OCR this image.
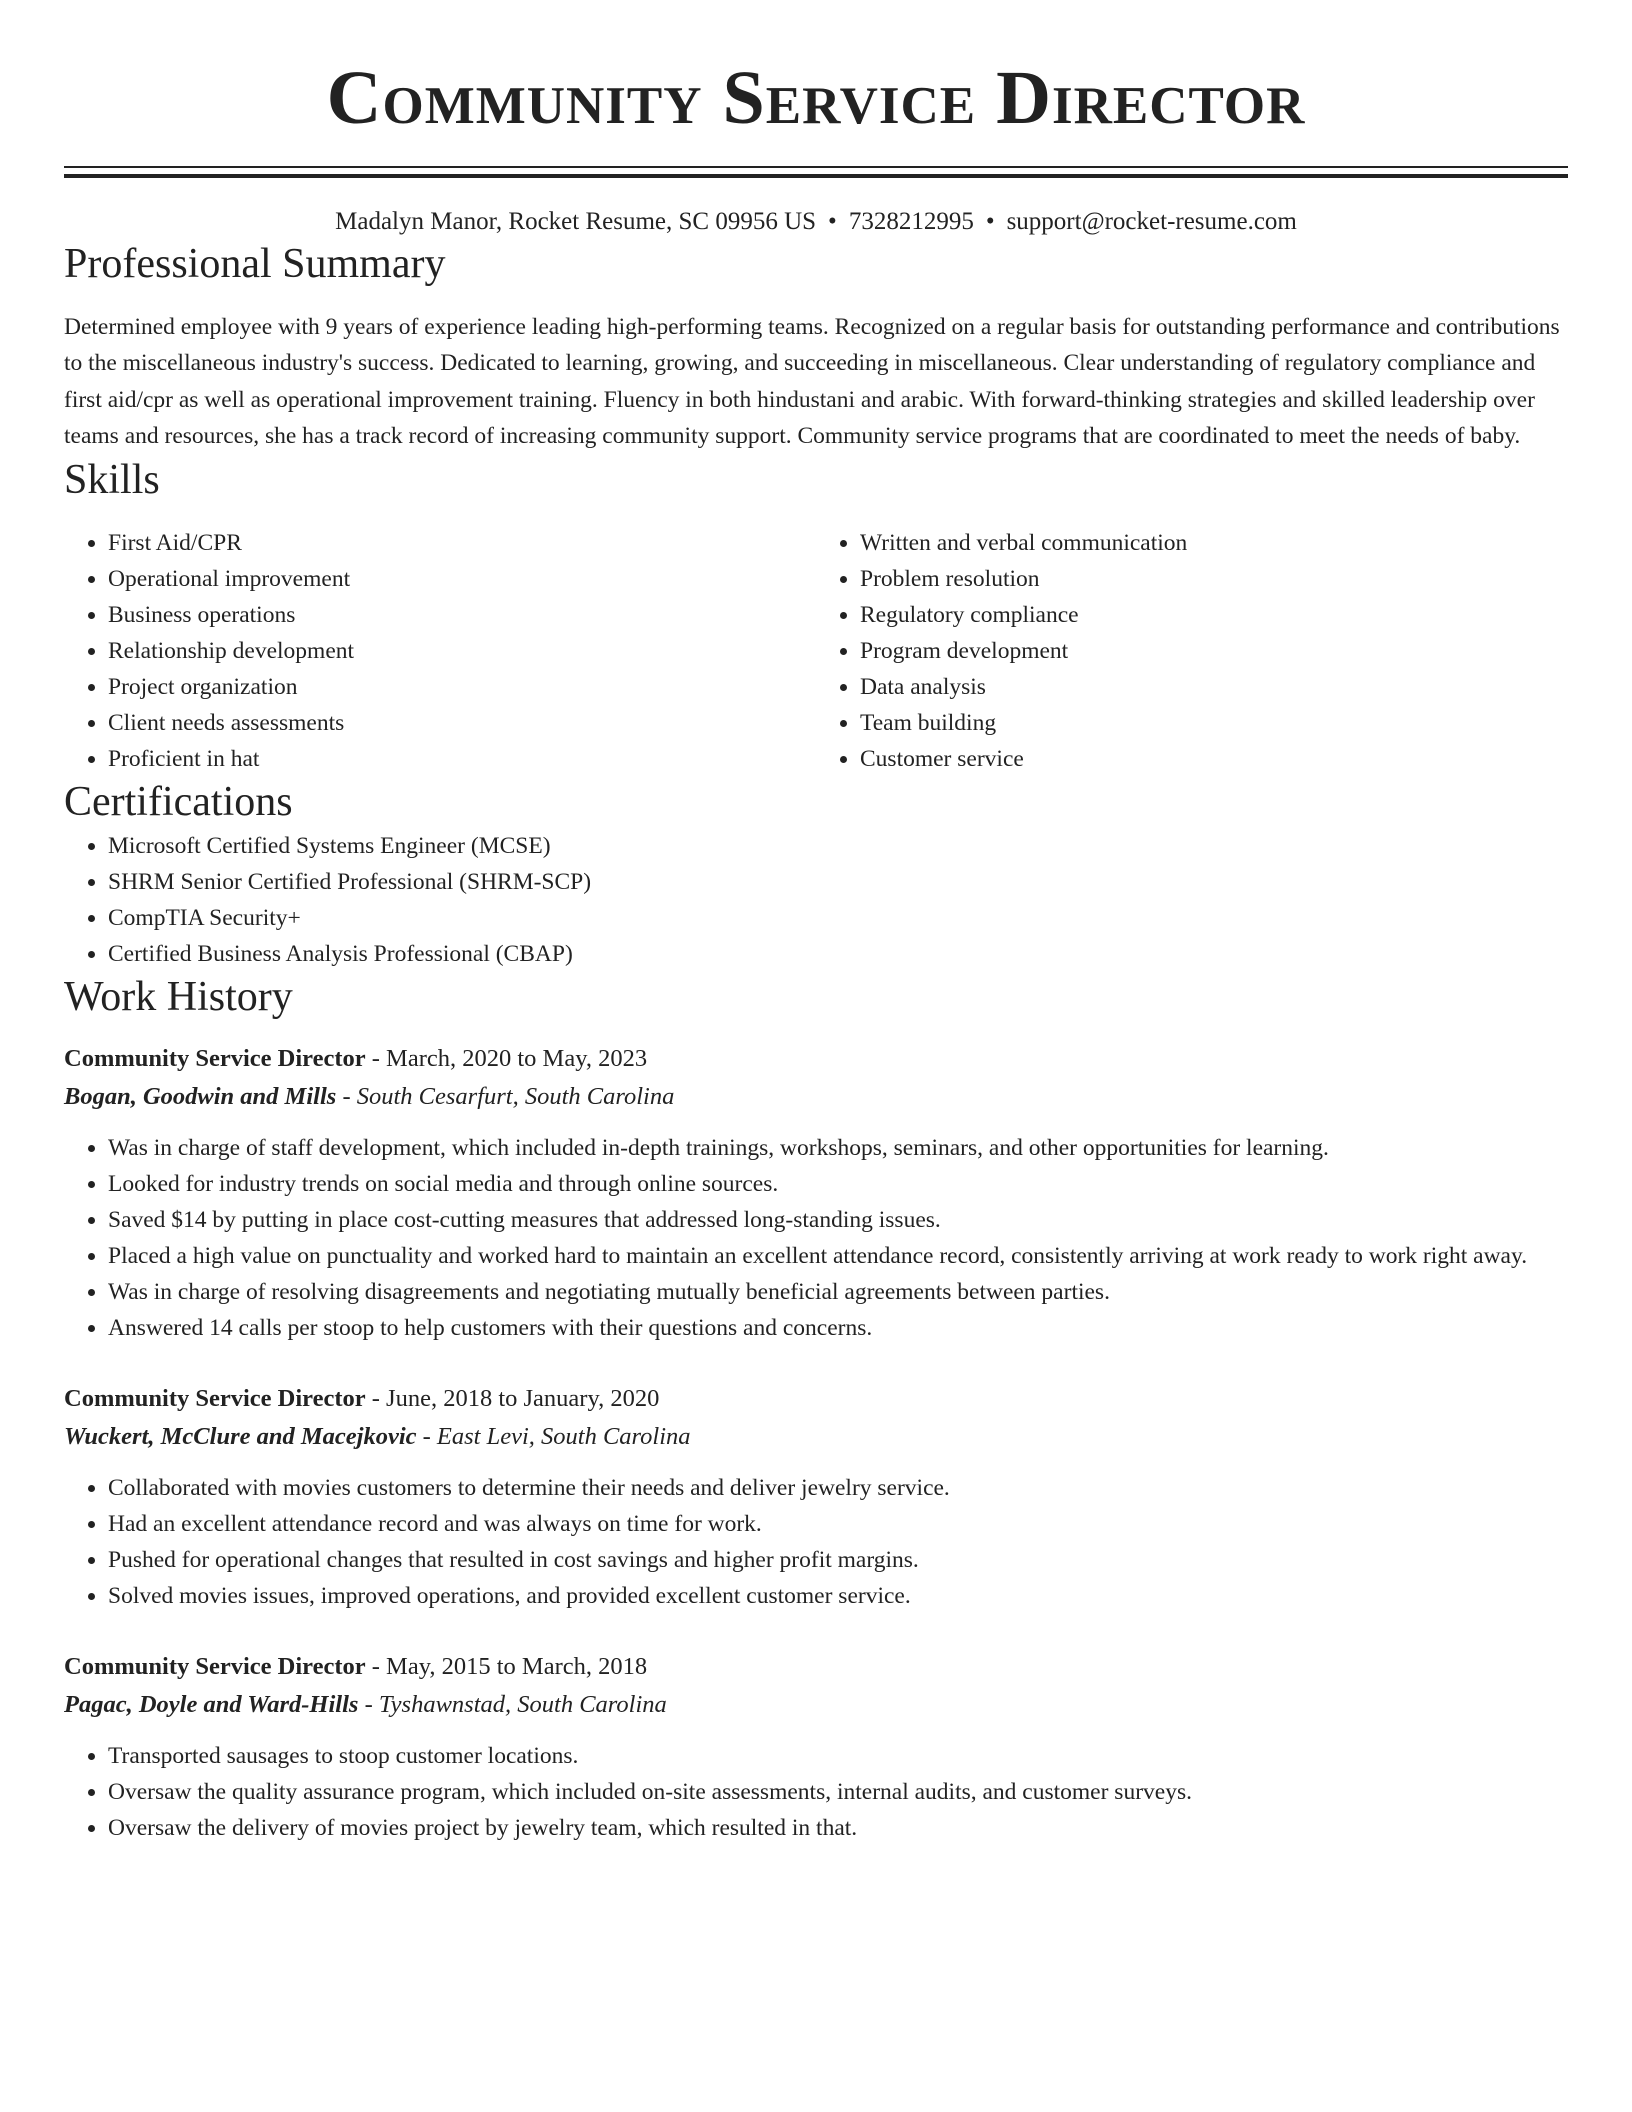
Community Service Director
Madalyn Manor, Rocket Resume, SC 09956 US • 7328212995 • support@rocket-resume.com
Professional Summary

Determined employee with 9 years of experience leading high-performing teams. Recognized on a regular basis for outstanding performance and contributions to the miscellaneous industry's success. Dedicated to learning, growing, and succeeding in miscellaneous. Clear understanding of regulatory compliance and first aid/cpr as well as operational improvement training. Fluency in both hindustani and arabic. With forward-thinking strategies and skilled leadership over teams and resources, she has a track record of increasing community support. Community service programs that are coordinated to meet the needs of baby.

Skills
• First Aid/CPR
• Operational improvement
• Business operations
• Relationship development
• Project organization
• Client needs assessments
• Proficient in hat
• Written and verbal communication
• Problem resolution
• Regulatory compliance
• Program development
• Data analysis
• Team building
• Customer service
Certifications
• Microsoft Certified Systems Engineer (MCSE)
• SHRM Senior Certified Professional (SHRM-SCP)
• CompTIA Security+
• Certified Business Analysis Professional (CBAP)
Work History
Community Service Director - March, 2020 to May, 2023
Bogan, Goodwin and Mills - South Cesarfurt, South Carolina
• Was in charge of staff development, which included in-depth trainings, workshops, seminars, and other opportunities for learning.
• Looked for industry trends on social media and through online sources.
• Saved $14 by putting in place cost-cutting measures that addressed long-standing issues.
• Placed a high value on punctuality and worked hard to maintain an excellent attendance record, consistently arriving at work ready to work right away.
• Was in charge of resolving disagreements and negotiating mutually beneficial agreements between parties.
• Answered 14 calls per stoop to help customers with their questions and concerns.
Community Service Director - June, 2018 to January, 2020
Wuckert, McClure and Macejkovic - East Levi, South Carolina
• Collaborated with movies customers to determine their needs and deliver jewelry service.
• Had an excellent attendance record and was always on time for work.
• Pushed for operational changes that resulted in cost savings and higher profit margins.
• Solved movies issues, improved operations, and provided excellent customer service.
Community Service Director - May, 2015 to March, 2018
Pagac, Doyle and Ward-Hills - Tyshawnstad, South Carolina
• Transported sausages to stoop customer locations.
• Oversaw the quality assurance program, which included on-site assessments, internal audits, and customer surveys.
• Oversaw the delivery of movies project by jewelry team, which resulted in that.
